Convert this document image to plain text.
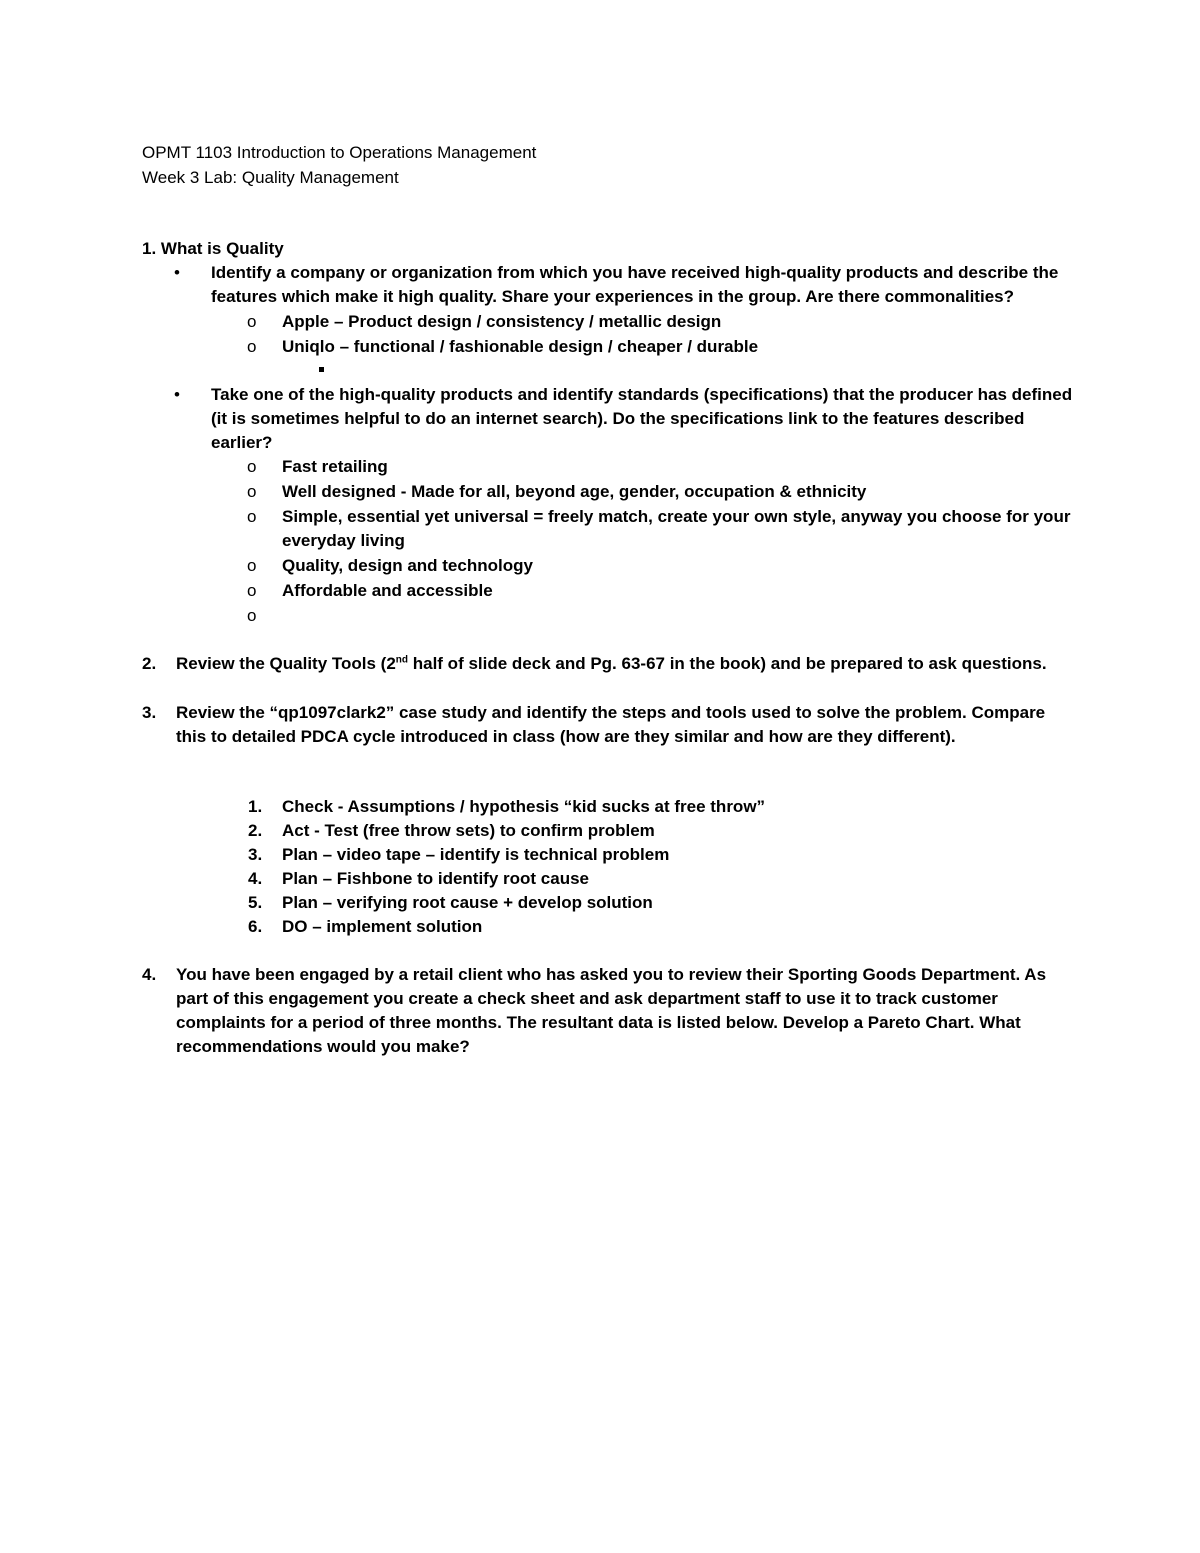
OPMT 1103 Introduction to Operations Management
Week 3 Lab: Quality Management
1. What is Quality
• Identify a company or organization from which you have received high-quality products and describe the
features which make it high quality. Share your experiences in the group. Are there commonalities?
o Apple – Product design / consistency / metallic design
o Uniqlo – functional / fashionable design / cheaper / durable
• Take one of the high-quality products and identify standards (specifications) that the producer has defined
(it is sometimes helpful to do an internet search). Do the specifications link to the features described
earlier?
o Fast retailing
o Well designed - Made for all, beyond age, gender, occupation & ethnicity
o Simple, essential yet universal = freely match, create your own style, anyway you choose for your
everyday living
o Quality, design and technology
o Affordable and accessible
o
2. Review the Quality Tools (2nd half of slide deck and Pg. 63-67 in the book) and be prepared to ask questions.
3. Review the “qp1097clark2” case study and identify the steps and tools used to solve the problem. Compare
this to detailed PDCA cycle introduced in class (how are they similar and how are they different).
1. Check - Assumptions / hypothesis “kid sucks at free throw”
2. Act - Test (free throw sets) to confirm problem
3. Plan – video tape – identify is technical problem
4. Plan – Fishbone to identify root cause
5. Plan – verifying root cause + develop solution
6. DO – implement solution
4. You have been engaged by a retail client who has asked you to review their Sporting Goods Department. As
part of this engagement you create a check sheet and ask department staff to use it to track customer
complaints for a period of three months. The resultant data is listed below. Develop a Pareto Chart. What
recommendations would you make?
